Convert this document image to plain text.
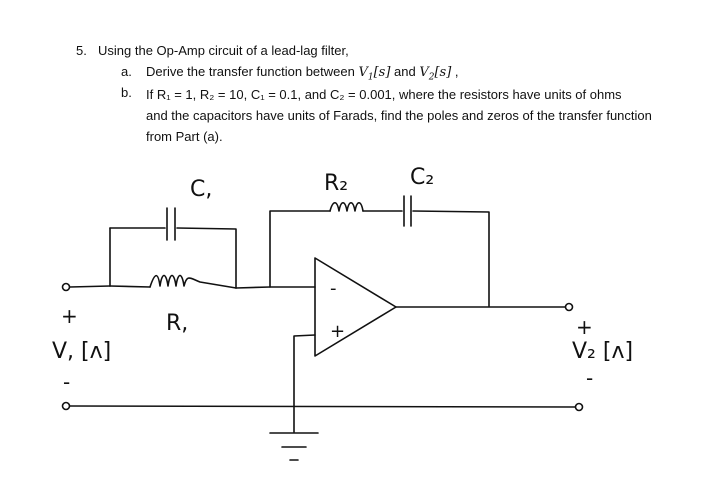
5. Using the Op-Amp circuit of a lead-lag filter,
a. Derive the transfer function between $V_1[s]$ and $V_2[s]$ ,
b. If R₁ = 1, R₂ = 10, C₁ = 0.1, and C₂ = 0.001, where the resistors have units of ohms
and the capacitors have units of Farads, find the poles and zeros of the transfer function
from Part (a).
C,
R,
R₂	C₂
V, [ᴧ]	V₂ [ᴧ]
+
-
+
-
-
+
